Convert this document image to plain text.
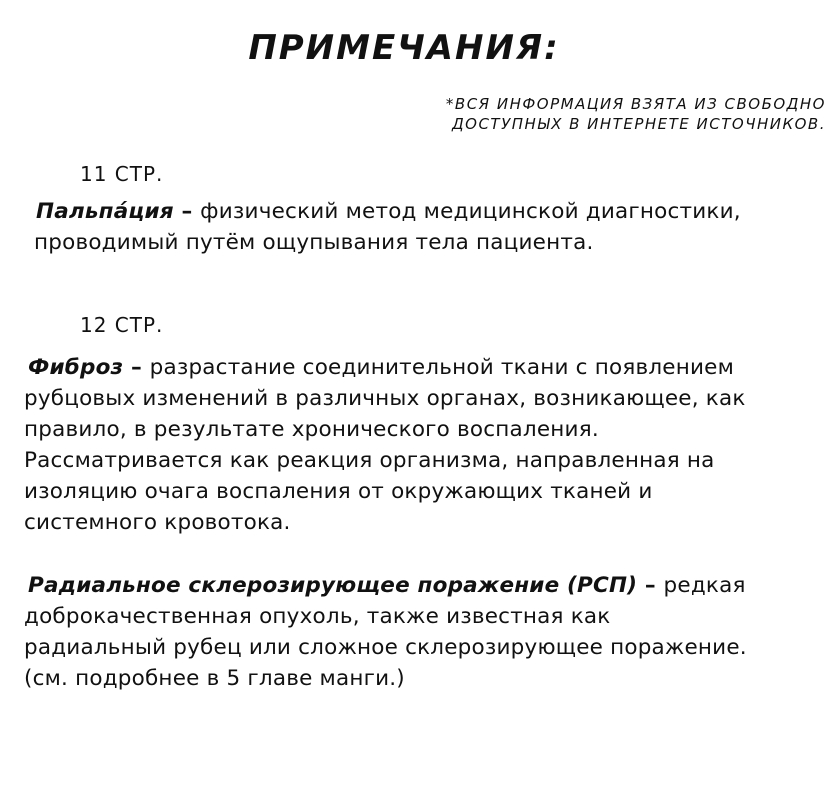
ПРИМЕЧАНИЯ:
*ВСЯ ИНФОРМАЦИЯ ВЗЯТА ИЗ СВОБОДНО
ДОСТУПНЫХ В ИНТЕРНЕТЕ ИСТОЧНИКОВ.
11 СТР.
Пальпа́ция – физический метод медицинской диагностики,
проводимый путём ощупывания тела пациента.
12 СТР.
Фиброз – разрастание соединительной ткани с появлением
рубцовых изменений в различных органах, возникающее, как
правило, в результате хронического воспаления.
Рассматривается как реакция организма, направленная на
изоляцию очага воспаления от окружающих тканей и
системного кровотока.
Радиальное склерозирующее поражение (РСП) – редкая
доброкачественная опухоль, также известная как
радиальный рубец или сложное склерозирующее поражение.
(см. подробнее в 5 главе манги.)
